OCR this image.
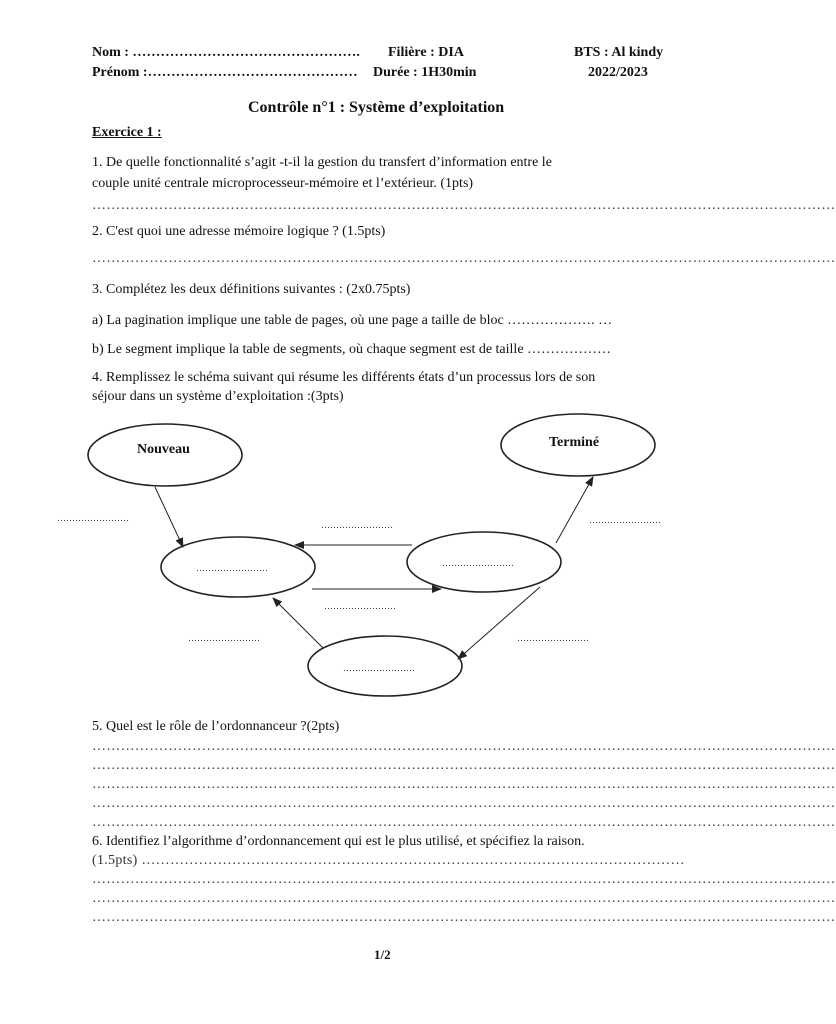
Nom : ………………………………………….
Prénom :………………………………………
Filière : DIA
Durée : 1H30min
BTS : Al kindy
2022/2023
Contrôle n°1 : Système d’exploitation
Exercice 1 :
1. De quelle fonctionnalité s’agit -t-il la gestion du transfert d’information entre le
couple unité centrale microprocesseur-mémoire et l’extérieur. (1pts)
…………………………………………………………………………………………………………………………………………
2. C'est quoi une adresse mémoire logique ? (1.5pts)
…………………………………………………………………………………………………………………………………………
3. Complétez les deux définitions suivantes : (2x0.75pts)
a) La pagination implique une table de pages, où une page a taille de bloc ………………. …
b) Le segment implique la table de segments, où chaque segment est de taille ………………
4. Remplissez le schéma suivant qui résume les différents états d’un processus lors de son
séjour dans un système d’exploitation :(3pts)
Nouveau	Terminé
……………………	……………………
……………………
……………………
……………………	……………………
……………………
……………………	……………………
5. Quel est le rôle de l’ordonnanceur ?(2pts)
…………………………………………………………………………………………………………………………………………
…………………………………………………………………………………………………………………………………………
…………………………………………………………………………………………………………………………………………
…………………………………………………………………………………………………………………………………………
…………………………………………………………………………………………………………………………………………
6. Identifiez l’algorithme d’ordonnancement qui est le plus utilisé, et spécifiez la raison.
(1.5pts) ……………………………………………………………………………………………………
…………………………………………………………………………………………………………………………………………
…………………………………………………………………………………………………………………………………………
…………………………………………………………………………………………………………………………………………
1/2
